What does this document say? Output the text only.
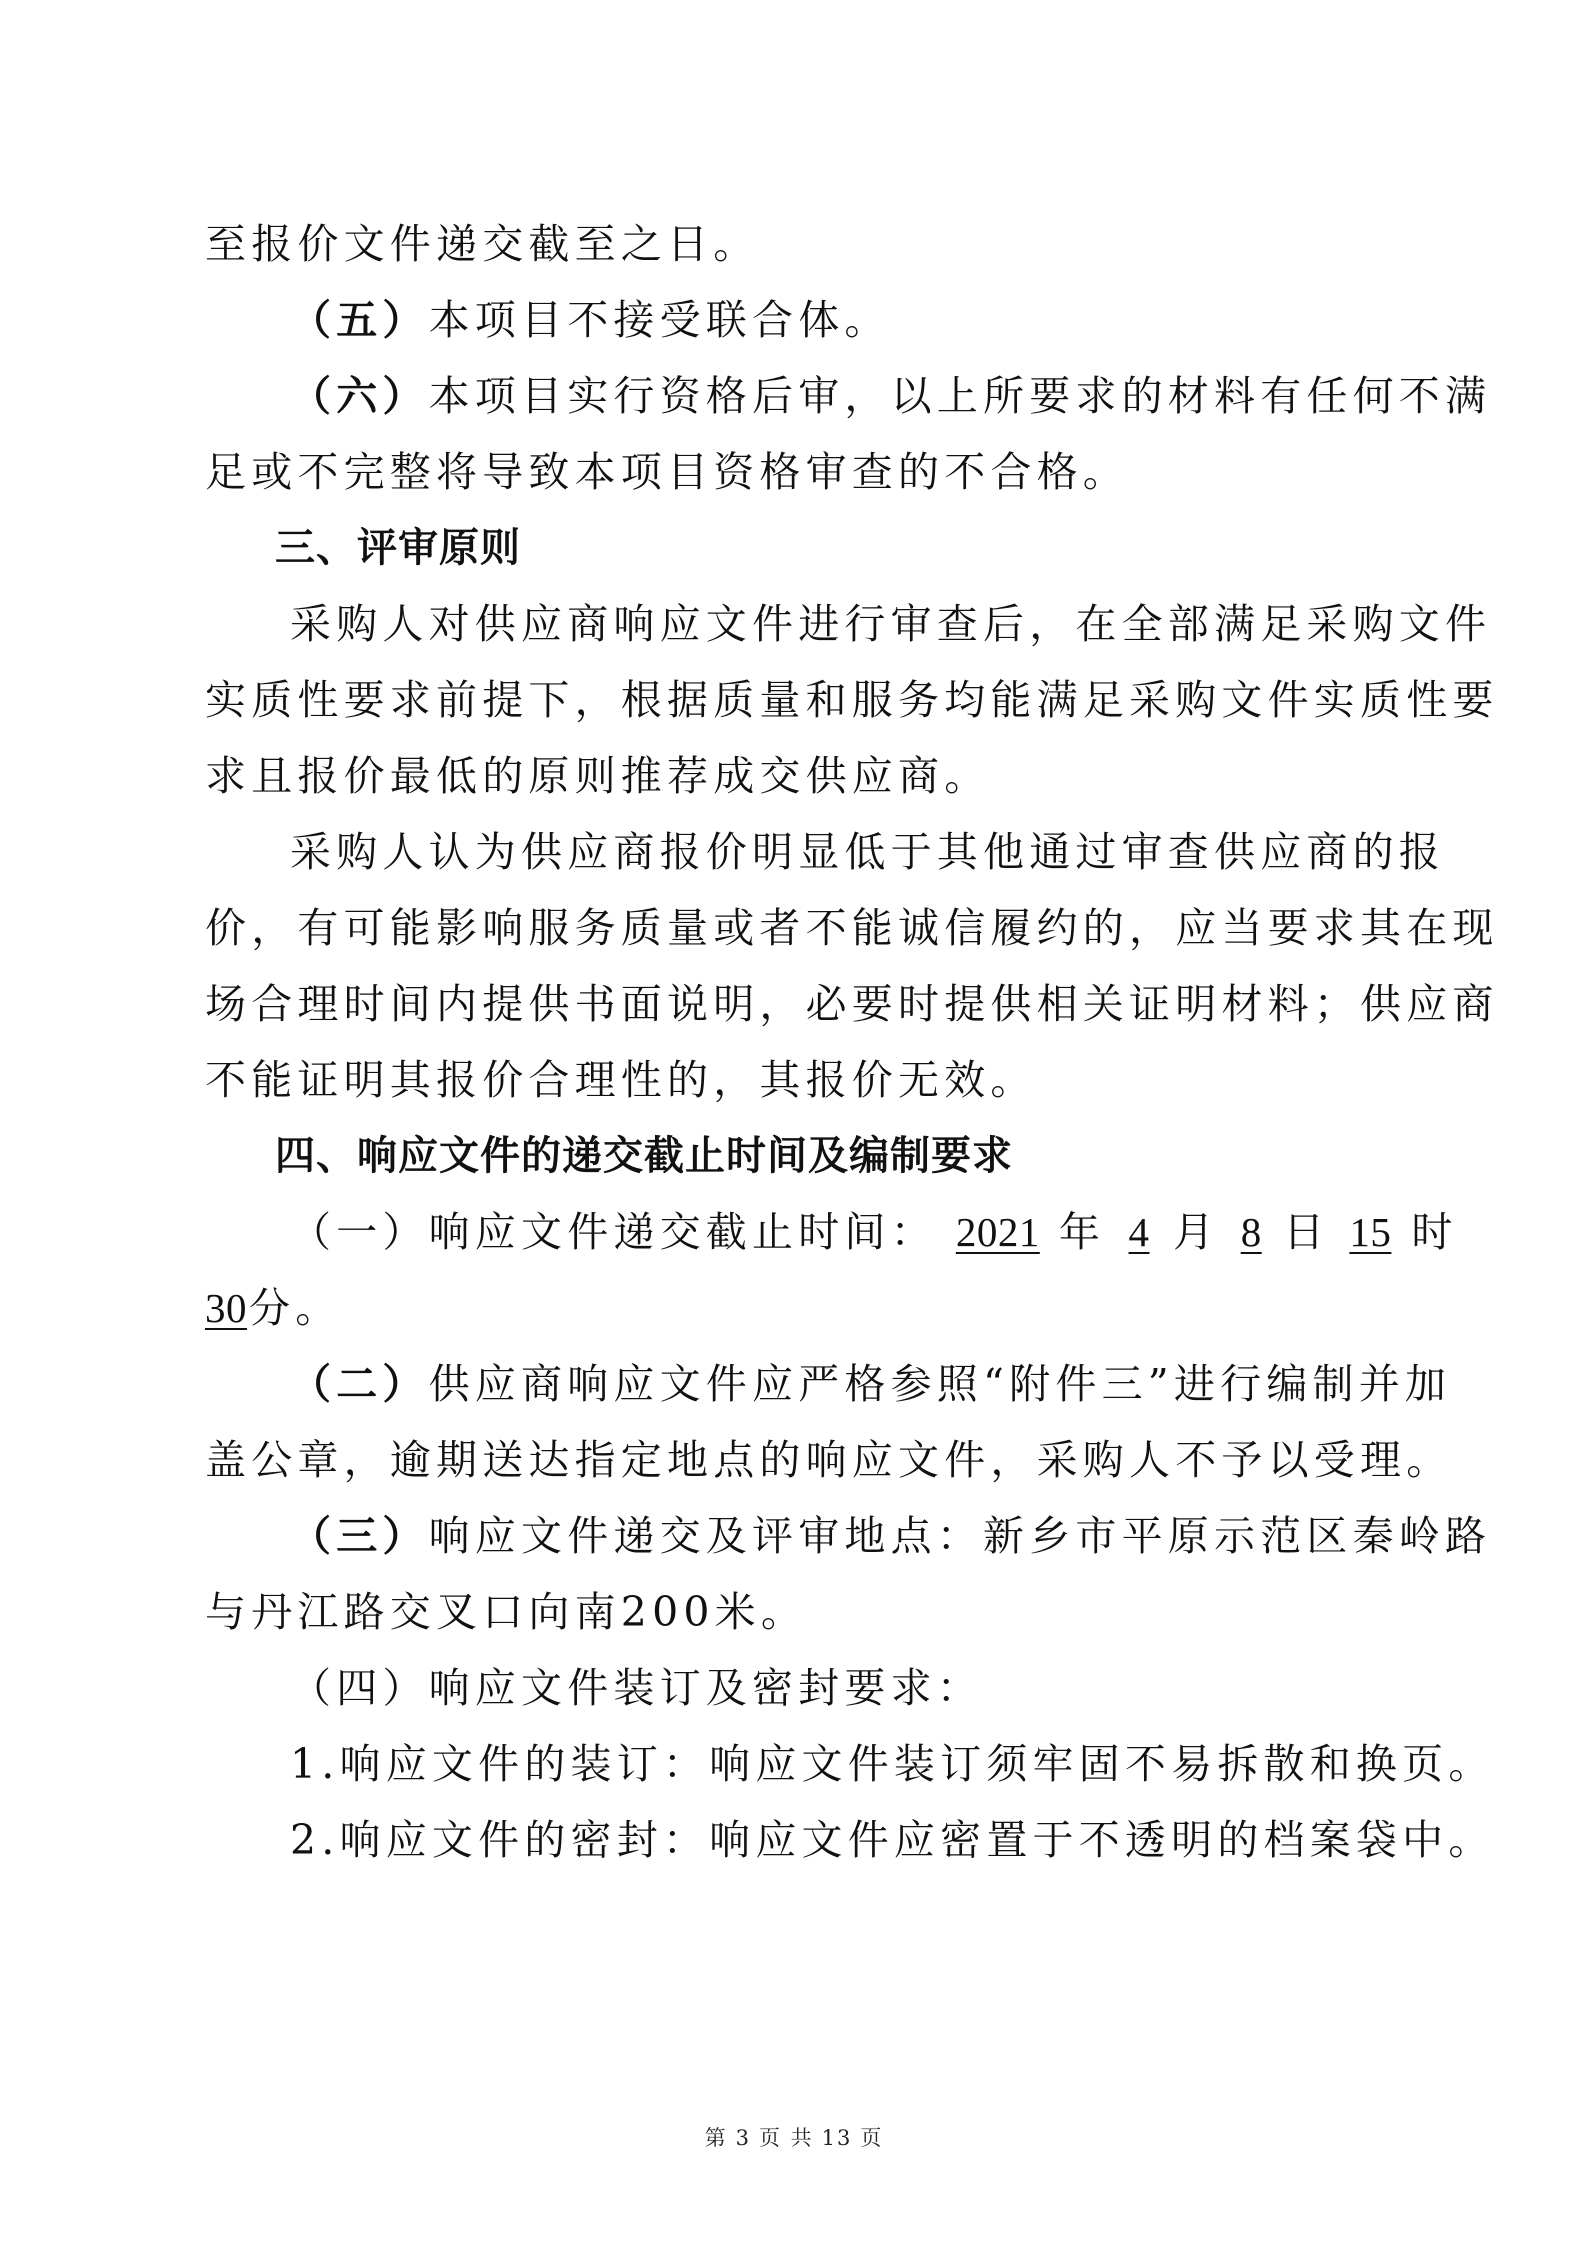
至报价文件递交截至之日。
（五）本项目不接受联合体。
（六）本项目实行资格后审，以上所要求的材料有任何不满
足或不完整将导致本项目资格审查的不合格。
三、评审原则
采购人对供应商响应文件进行审查后，在全部满足采购文件
实质性要求前提下，根据质量和服务均能满足采购文件实质性要
求且报价最低的原则推荐成交供应商。
采购人认为供应商报价明显低于其他通过审查供应商的报
价，有可能影响服务质量或者不能诚信履约的，应当要求其在现
场合理时间内提供书面说明，必要时提供相关证明材料；供应商
不能证明其报价合理性的，其报价无效。
四、响应文件的递交截止时间及编制要求
（一）响应文件递交截止时间： 2021 年 4 月 8 日 15 时
30分。
（二）供应商响应文件应严格参照“附件三”进行编制并加
盖公章，逾期送达指定地点的响应文件，采购人不予以受理。
（三）响应文件递交及评审地点：新乡市平原示范区秦岭路
与丹江路交叉口向南200米。
（四）响应文件装订及密封要求：
1.响应文件的装订：响应文件装订须牢固不易拆散和换页。
2.响应文件的密封：响应文件应密置于不透明的档案袋中。
第 3 页 共 13 页
